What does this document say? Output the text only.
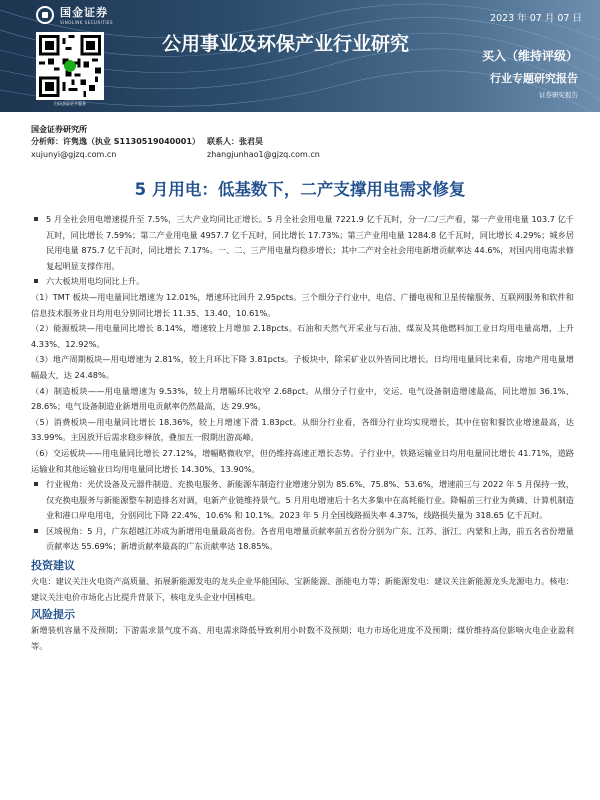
国金证券
SINOLINK SECURITIES	2023 年 07 月 07 日
扫码获取更多服务
公用事业及环保产业行业研究
买入（维持评级）
行业专题研究报告
证券研究报告
国金证券研究所
分析师：许隽逸（执业 S1130519040001） 联系人：张君昊
xujunyi@gjzq.com.cn	zhangjunhao1@gjzq.com.cn
5 月用电：低基数下，二产支撑用电需求修复

5 月全社会用电增速提升至 7.5%，三大产业均同比正增长。5 月全社会用电量 7221.9 亿千瓦时，分一/二/三产看，第一产业用电量 103.7 亿千瓦时，同比增长 7.59%；第二产业用电量 4957.7 亿千瓦时，同比增长 17.73%；第三产业用电量 1284.8 亿千瓦时，同比增长 4.29%；城乡居民用电量 875.7 亿千瓦时，同比增长 7.17%。一、二、三产用电量均稳步增长；其中二产对全社会用电新增贡献率达 44.6%，对国内用电需求修复起明显支撑作用。

六大板块用电均同比上升。

（1）TMT 板块—用电量同比增速为 12.01%，增速环比回升 2.95pcts。三个细分子行业中，电信、广播电视和卫星传输服务、互联网服务和软件和信息技术服务业日均用电分别同比增长 11.35、13.40、10.61%。

（2）能源板块—用电量同比增长 8.14%，增速较上月增加 2.18pcts。石油和天然气开采业与石油、煤炭及其他燃料加工业日均用电量高增，上升 4.33%、12.92%。

（3）地产周期板块—用电增速为 2.81%，较上月环比下降 3.81pcts。子板块中，除采矿业以外皆同比增长。日均用电量同比来看，房地产用电量增幅最大，达 24.48%。

（4）制造板块——用电量增速为 9.53%，较上月增幅环比收窄 2.68pct。从细分子行业中，交运、电气设备制造增速最高，同比增加 36.1%、28.6%；电气设备制造业新增用电贡献率仍然最高，达 29.9%。

（5）消费板块—用电量同比增长 18.36%，较上月增速下滑 1.83pct。从细分行业看，各细分行业均实现增长，其中住宿和餐饮业增速最高，达 33.99%。主因放开后需求稳步释放，叠加五一假期出游高峰。

（6）交运板块——用电量同比增长 27.12%，增幅略微收窄，但仍维持高速正增长态势。子行业中，铁路运输业日均用电量同比增长 41.71%，道路运输业和其他运输业日均用电量同比增长 14.30%、13.90%。

行业视角：光伏设备及元器件制造、充换电服务、新能源车制造行业增速分别为 85.6%、75.8%、53.6%，增速前三与 2022 年 5 月保持一致，仅充换电服务与新能源整车制造排名对调，电新产业链维持景气。5 月用电增速后十名大多集中在高耗能行业。降幅前三行业为黄磷、计算机制造业和港口岸电用电，分别同比下降 22.4%、10.6% 和 10.1%。2023 年 5 月全国线路损失率 4.37%，线路损失量为 318.65 亿千瓦时。

区域视角：5 月，广东超越江苏成为新增用电量最高省份。各省用电增量贡献率前五省份分别为广东、江苏、浙江、内蒙和上海，前五名省份增量贡献率达 55.69%；新增贡献率最高的广东贡献率达 18.85%。

投资建议

火电：建议关注火电资产高质量、拓展新能源发电的龙头企业华能国际、宝新能源、浙能电力等；新能源发电：建议关注新能源龙头龙源电力。核电：建议关注电价市场化占比提升背景下，核电龙头企业中国核电。

风险提示

新增装机容量不及预期；下游需求景气度不高、用电需求降低导致利用小时数不及预期；电力市场化进度不及预期；煤价维持高位影响火电企业盈利等。
